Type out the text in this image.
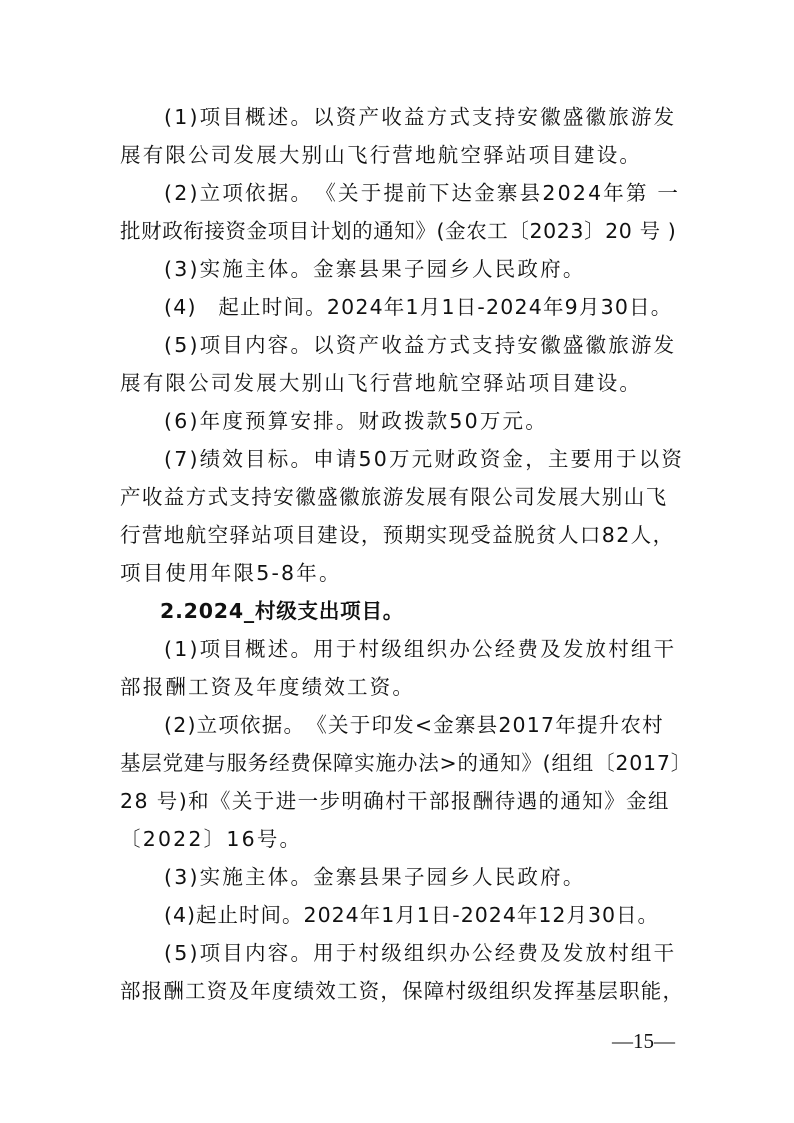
(1)项目概述。以资产收益方式支持安徽盛徽旅游发
展有限公司发展大别山飞行营地航空驿站项目建设。
(2)立项依据。　《关于提前下达金寨县2024年第 一
批财政衔接资金项目计划的通知》(金农工〔2023〕20 号 )
(3)实施主体。金寨县果子园乡人民政府。
(4)　起止时间。2024年1月1日-2024年9月30日。
(5)项目内容。以资产收益方式支持安徽盛徽旅游发
展有限公司发展大别山飞行营地航空驿站项目建设。
(6)年度预算安排。财政拨款50万元。
(7)绩效目标。申请50万元财政资金，主要用于以资
产收益方式支持安徽盛徽旅游发展有限公司发展大别山飞
行营地航空驿站项目建设，预期实现受益脱贫人口82人，
项目使用年限5-8年。
2.2024_村级支出项目。
(1)项目概述。用于村级组织办公经费及发放村组干
部报酬工资及年度绩效工资。
(2)立项依据。　《关于印发<金寨县2017年提升农村
基层党建与服务经费保障实施办法>的通知》(组组〔2017〕
28 号)和《关于进一步明确村干部报酬待遇的通知》金组
〔2022〕16号。
(3)实施主体。金寨县果子园乡人民政府。
(4)起止时间。2024年1月1日-2024年12月30日。
(5)项目内容。用于村级组织办公经费及发放村组干
部报酬工资及年度绩效工资，保障村级组织发挥基层职能，
—15—
